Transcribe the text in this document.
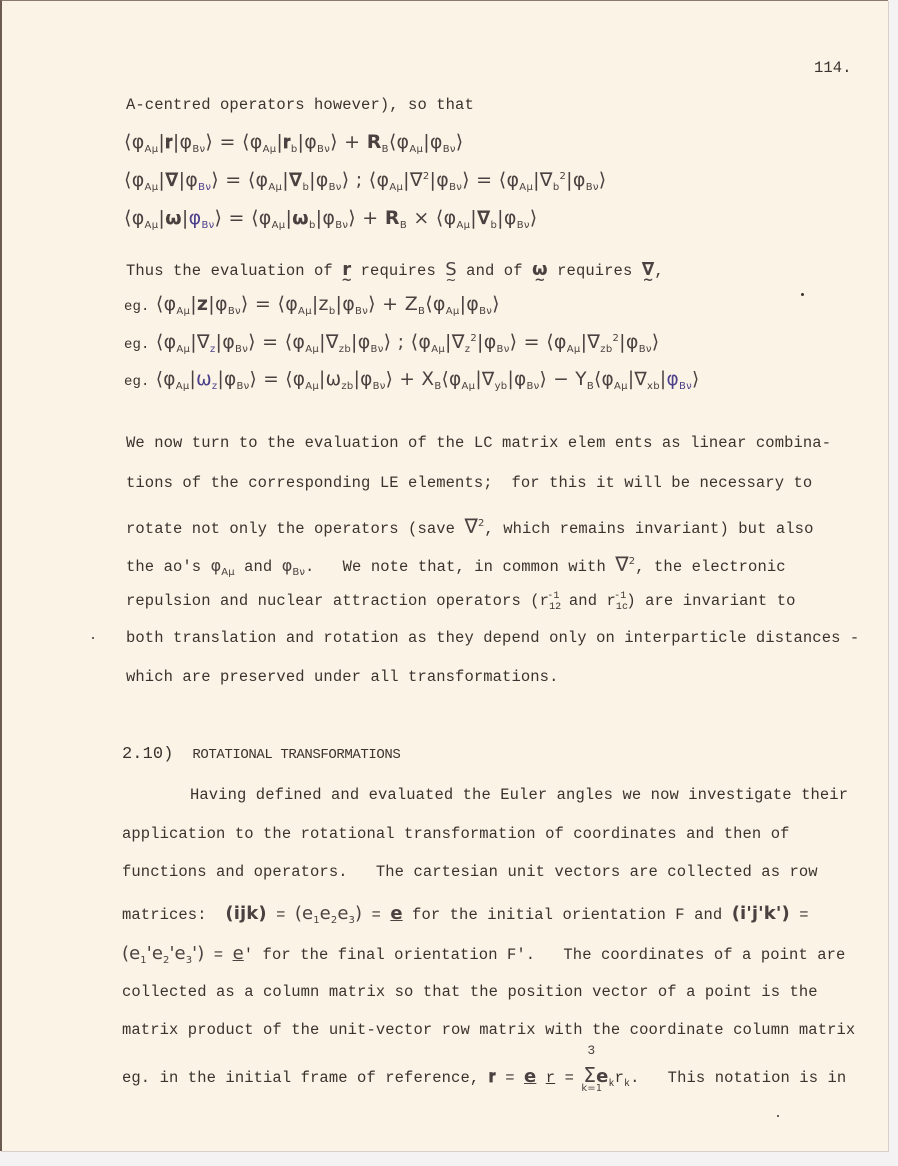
114.
A-centred operators however), so that
$⟨\varphi_{A\mu}|𝐫|\varphi_{B\nu}⟩$ = $⟨\varphi_{A\mu}|𝐫_b|\varphi_{B\nu}⟩$ + $R_B⟨\varphi_{A\mu}|\varphi_{B\nu}⟩$
$⟨\varphi_{A\mu}|\nabla|\varphi_{B\nu}⟩$ = $⟨\varphi_{A\mu}|\nabla_b|\varphi_{B\nu}⟩$ ; $⟨\varphi_{A\mu}|\nabla^2|\varphi_{B\nu}⟩$ = $⟨\varphi_{A\mu}|\nabla_b^2|\varphi_{B\nu}⟩$
$⟨\varphi_{A\mu}|\omega|\varphi_{B\nu}⟩$ = $⟨\varphi_{A\mu}|\omega_b|\varphi_{B\nu}⟩ + R_B$ × $⟨\varphi_{A\mu}|\nabla_b|\varphi_{B\nu}⟩$
Thus the evaluation of r ~ requires S ~ and of ω ~ requires ∇ ~,
eg. $⟨\varphi_{A\mu}|z|\varphi_{B\nu}⟩$ = $⟨\varphi_{A\mu}|z_b|\varphi_{B\nu}⟩$ + $Z_B⟨\varphi_{A\mu}|\varphi_{B\nu}⟩$
eg. $⟨\varphi_{A\mu}|\nabla_z|\varphi_{B\nu}⟩$ = $⟨\varphi_{A\mu}|\nabla_{zb}|\varphi_{B\nu}⟩$ ; $⟨\varphi_{A\mu}|\nabla_z^2|\varphi_{B\nu}⟩$ = $⟨\varphi_{A\mu}|\nabla_{zb}^2|\varphi_{B\nu}⟩$
eg. $⟨\varphi_{A\mu}|\omega_z|\varphi_{B\nu}⟩$ = $⟨\varphi_{A\mu}|\omega_{zb}|\varphi_{B\nu}⟩$ + $X_B⟨\varphi_{A\mu}|\nabla_{yb}|\varphi_{B\nu}⟩$ − $Y_B⟨\varphi_{A\mu}|\nabla_{xb}|\varphi_{B\nu}⟩$
We now turn to the evaluation of the LC matrix elem ents as linear combina-
tions of the corresponding LE elements;  for this it will be necessary to
rotate not only the operators (save ∇$^2$, which remains invariant) but also
the ao's $\varphi_{A\mu}$ and $\varphi_{B\nu}$.   We note that, in common with ∇$^2$, the electronic
repulsion and nuclear attraction operators ($r_{12}^{-1}$ and $r_{1c}^{-1}$) are invariant to
both translation and rotation as they depend only on interparticle distances -
which are preserved under all transformations.
2.10) ROTATIONAL TRANSFORMATIONS
Having defined and evaluated the Euler angles we now investigate their
application to the rotational transformation of coordinates and then of
functions and operators.   The cartesian unit vectors are collected as row
matrices:  $(ijk) = (e_1e_2e_3) = e$ for the initial orientation F and (i'j'k') =
$(e_1'e_2'e_3') = e'$ for the final orientation F'.   The coordinates of a point are
collected as a column matrix so that the position vector of a point is the
matrix product of the unit-vector row matrix with the coordinate column matrix
eg. in the initial frame of reference, 𝐫 = e r =
3
Σ
k=1
$e_kr_k$.   This notation is in
